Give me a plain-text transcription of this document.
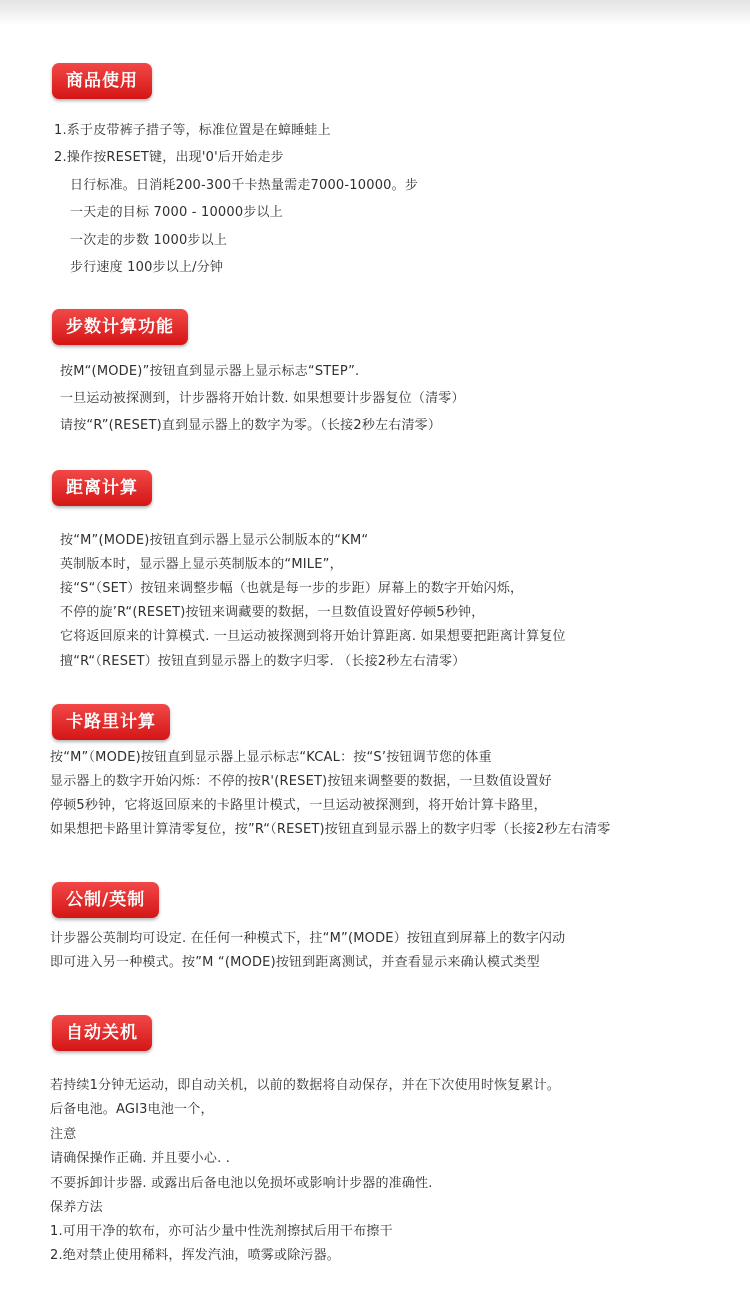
商品使用
1.系于皮带裤子措子等，标准位置是在蟑睡蛙上
2.操作按RESET键，出现'0'后开始走步
日行标准。日消耗200-300千卡热量需走7000-10000。步
一天走的目标 7000 - 10000步以上
一次走的步数 1000步以上
步行速度 100步以上/分钟
步数计算功能
按M“(MODE)”按钮直到显示器上显示标志“STEP”.
一旦运动被探测到，计步器将开始计数. 如果想要计步器复位（清零）
请按“R”(RESET)直到显示器上的数字为零。（长接2秒左右清零）
距离计算
按“M”(MODE)按钮直到示器上显示公制版本的“KM“
英制版本时，显示器上显示英制版本的“MILE”，
接“S“（SET）按钮来调整步幅（也就是每一步的步距）屏幕上的数字开始闪烁，
不停的旋’R“(RESET)按钮来调藏要的数据，一旦数值设置好停顿5秒钟，
它将返回原来的计算模式. 一旦运动被探测到将开始计算距离. 如果想要把距离计算复位
擅“R“（RESET）按钮直到显示器上的数字归零. （长接2秒左右清零）
卡路里计算
按“M”（MODE)按钮直到显示器上显示标志“KCAL：按“S’按钮调节您的体重
显示器上的数字开始闪烁：不停的按R'(RESET)按钮来调整要的数据，一旦数值设置好
停顿5秒钟，它将返回原来的卡路里计模式，一旦运动被探测到，将开始计算卡路里，
如果想把卡路里计算清零复位，按”R“（RESET)按钮直到显示器上的数字归零（长接2秒左右清零
公制/英制
计步器公英制均可设定. 在任何一种模式下，拄“M”(MODE）按钮直到屏幕上的数字闪动
即可进入另一种模式。按”M “(MODE)按钮到距离测试，并查看显示来确认模式类型
自动关机
若持续1分钟无运动，即自动关机，以前的数据将自动保存，并在下次使用时恢复累计。
后备电池。AGI3电池一个，
注意
请确保操作正确. 并且要小心. .
不要拆卸计步器. 或露出后备电池以免损坏或影响计步器的准确性.
保养方法
1.可用干净的软布，亦可沾少量中性洗剂擦拭后用干布擦干
2.绝对禁止使用稀料，挥发汽油，喷雾或除污器。
